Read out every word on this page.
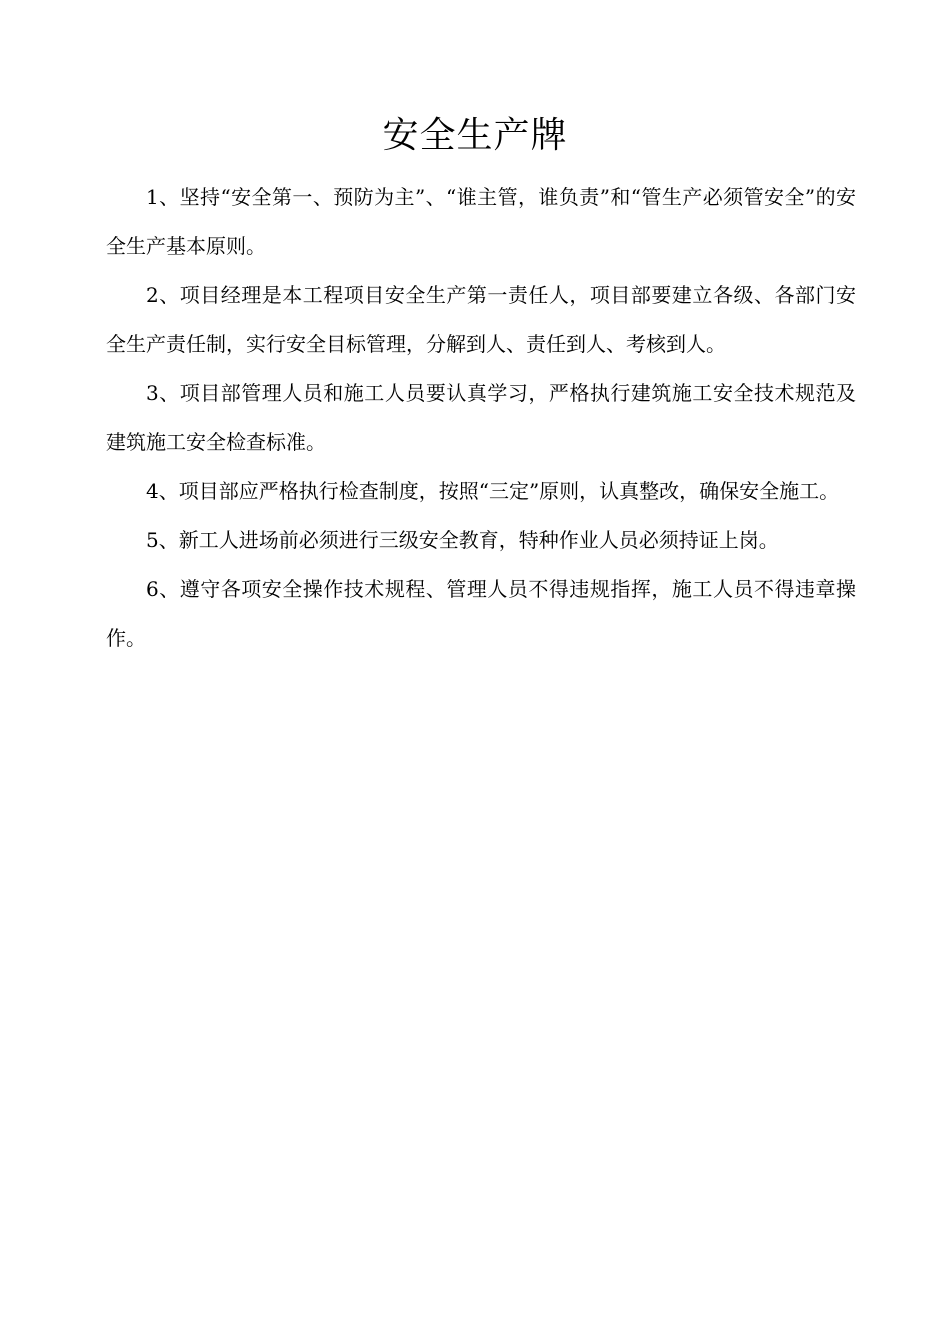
安全生产牌

1、坚持“安全第一、预防为主”、“谁主管，谁负责”和“管生产必须管安全”的安全生产基本原则。

2、项目经理是本工程项目安全生产第一责任人，项目部要建立各级、各部门安全生产责任制，实行安全目标管理，分解到人、责任到人、考核到人。

3、项目部管理人员和施工人员要认真学习，严格执行建筑施工安全技术规范及建筑施工安全检查标准。

4、项目部应严格执行检查制度，按照“三定”原则，认真整改，确保安全施工。

5、新工人进场前必须进行三级安全教育，特种作业人员必须持证上岗。

6、遵守各项安全操作技术规程、管理人员不得违规指挥，施工人员不得违章操作。
